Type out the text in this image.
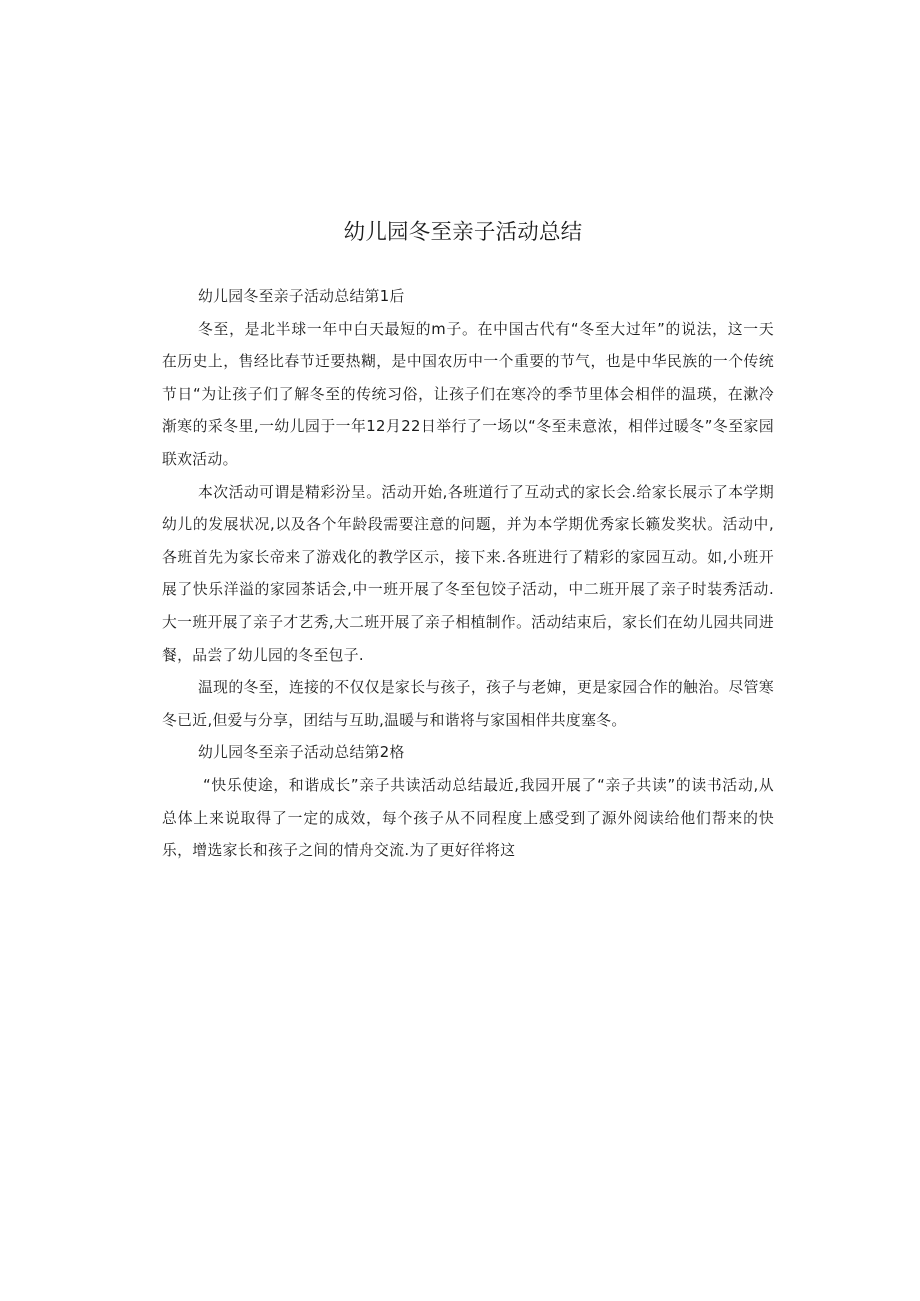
幼儿园冬至亲子活动总结

幼儿园冬至亲子活动总结第1后

冬至，是北半球一年中白天最短的m子。在中国古代有“冬至大过年”的说法，这一天在历史上，售经比春节迁要热糊，是中国农历中一个重要的节气，也是中华民族的一个传统节日“为让孩子们了解冬至的传统习俗，让孩子们在寒冷的季节里体会相伴的温瑛，在漱冷渐寒的采冬里,一幼儿园于一年12月22日举行了一场以“冬至耒意浓，相伴过暖冬”冬至家园联欢活动。

本次活动可谓是精彩汾呈。活动开始,各班道行了互动式的家长会.给家长展示了本学期幼儿的发展状况,以及各个年龄段需要注意的问题，并为本学期优秀家长籁发奖状。活动中,各班首先为家长帝来了游戏化的教学区示，接下来.各班进行了精彩的家园互动。如,小班开展了快乐洋溢的家园茶话会,中一班开展了冬至包饺子活动，中二班开展了亲子时装秀活动.大一班开展了亲子才艺秀,大二班开展了亲子相植制作。活动结束后，家长们在幼儿园共同进餐，品尝了幼儿园的冬至包子.

温现的冬至，连接的不仅仅是家长与孩子，孩子与老婶，更是家园合作的触治。尽管寒冬已近,但爱与分享，团结与互助,温暖与和谐将与家国相伴共度塞冬。

幼儿园冬至亲子活动总结第2格

“快乐使途，和谐成长”亲子共读活动总结最近,我园开展了“亲子共读”的读书活动,从总体上来说取得了一定的成效，每个孩子从不同程度上感受到了源外阅读给他们帮来的快乐，增选家长和孩子之间的情舟交流.为了更好徉将这
